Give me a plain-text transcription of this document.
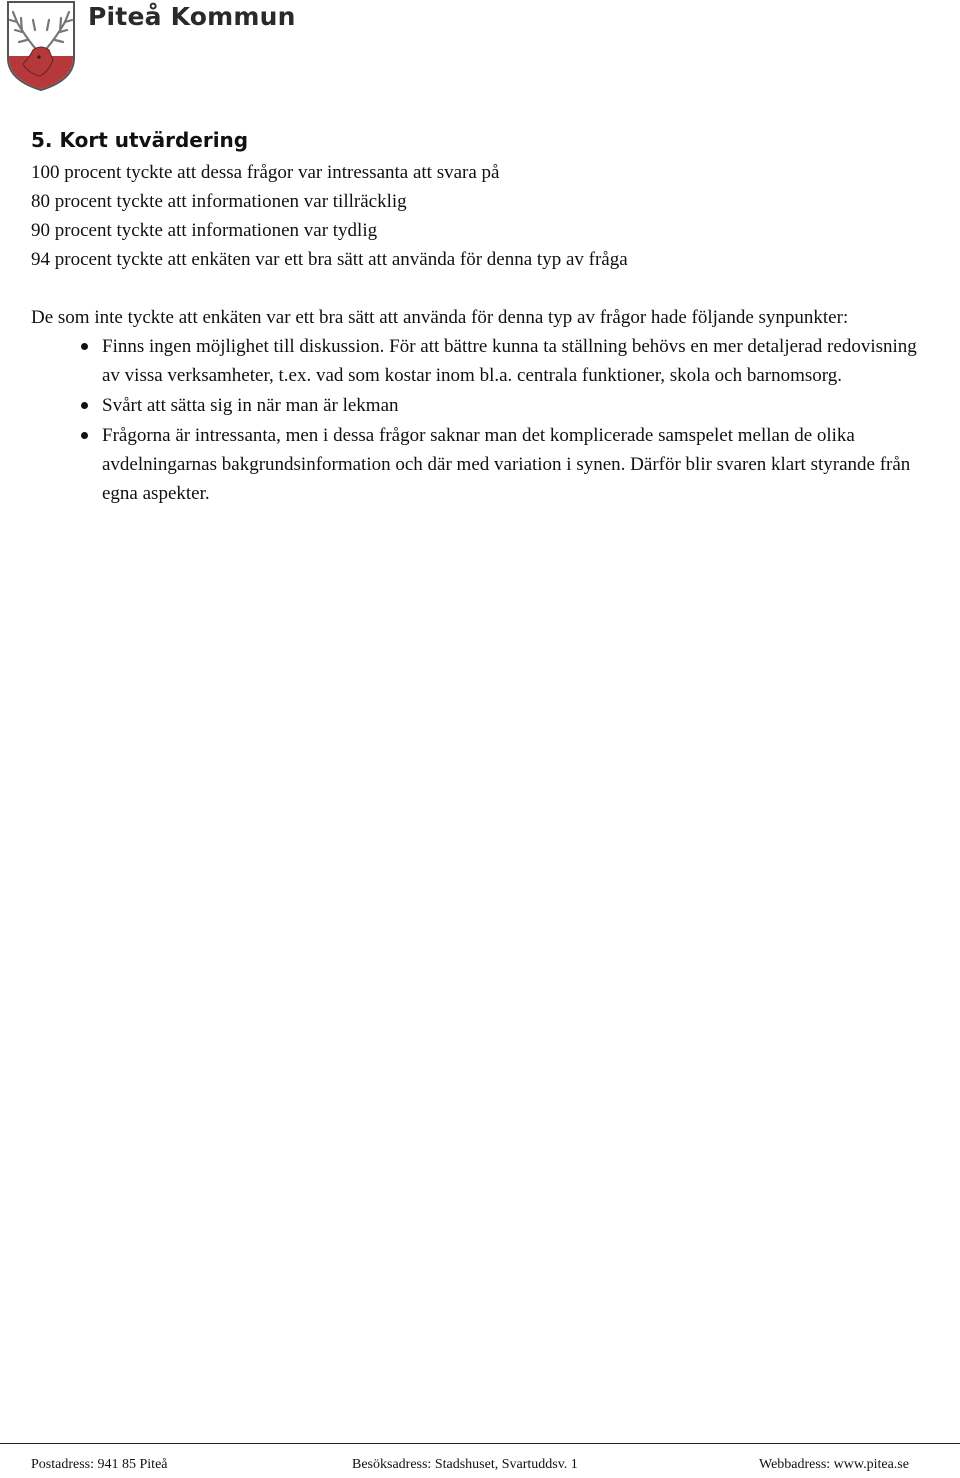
Piteå Kommun
5. Kort utvärdering
100 procent tyckte att dessa frågor var intressanta att svara på
80 procent tyckte att informationen var tillräcklig
90 procent tyckte att informationen var tydlig
94 procent tyckte att enkäten var ett bra sätt att använda för denna typ av fråga
De som inte tyckte att enkäten var ett bra sätt att använda för denna typ av frågor hade följande synpunkter:
Finns ingen möjlighet till diskussion. För att bättre kunna ta ställning behövs en mer detaljerad redovisning av vissa verksamheter, t.ex. vad som kostar inom bl.a. centrala funktioner, skola och barnomsorg.
Svårt att sätta sig in när man är lekman
Frågorna är intressanta, men i dessa frågor saknar man det komplicerade samspelet mellan de olika avdelningarnas bakgrundsinformation och där med variation i synen. Därför blir svaren klart styrande från egna aspekter.
Postadress: 941 85 Piteå	Besöksadress: Stadshuset, Svartuddsv. 1	Webbadress: www.pitea.se
